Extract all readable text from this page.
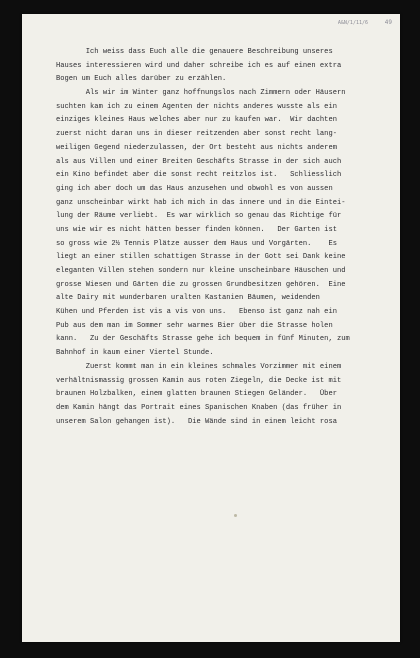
A&N/1/11/6	49
Ich weiss dass Euch alle die genauere Beschreibung unseres
Hauses interessieren wird und daher schreibe ich es auf einen extra
Bogen um Euch alles darüber zu erzählen.
Als wir im Winter ganz hoffnungslos nach Zimmern oder Häusern
suchten kam ich zu einem Agenten der nichts anderes wusste als ein
einziges kleines Haus welches aber nur zu kaufen war.  Wir dachten
zuerst nicht daran uns in dieser reitzenden aber sonst recht lang-
weiligen Gegend niederzulassen, der Ort besteht aus nichts anderem
als aus Villen und einer Breiten Geschäfts Strasse in der sich auch
ein Kino befindet aber die sonst recht reitzlos ist.   Schliesslich
ging ich aber doch um das Haus anzusehen und obwohl es von aussen
ganz unscheinbar wirkt hab ich mich in das innere und in die Eintei-
lung der Räume verliebt.  Es war wirklich so genau das Richtige für
uns wie wir es nicht hätten besser finden können.   Der Garten ist
so gross wie 2½ Tennis Plätze ausser dem Haus und Vorgärten.    Es
liegt an einer stillen schattigen Strasse in der Gott sei Dank keine
eleganten Villen stehen sondern nur kleine unscheinbare Häuschen und
grosse Wiesen und Gärten die zu grossen Grundbesitzen gehören.  Eine
alte Dairy mit wunderbaren uralten Kastanien Bäumen, weidenden
Kühen und Pferden ist vis a vis von uns.   Ebenso ist ganz nah ein
Pub aus dem man im Sommer sehr warmes Bier über die Strasse holen
kann.   Zu der Geschäfts Strasse gehe ich bequem in fünf Minuten, zum
Bahnhof in kaum einer Viertel Stunde.
Zuerst kommt man in ein kleines schmales Vorzimmer mit einem
verhältnismassig grossen Kamin aus roten Ziegeln, die Decke ist mit
braunen Holzbalken, einem glatten braunen Stiegen Geländer.   Über
dem Kamin hängt das Portrait eines Spanischen Knaben (das früher in
unserem Salon gehangen ist).   Die Wände sind in einem leicht rosa
